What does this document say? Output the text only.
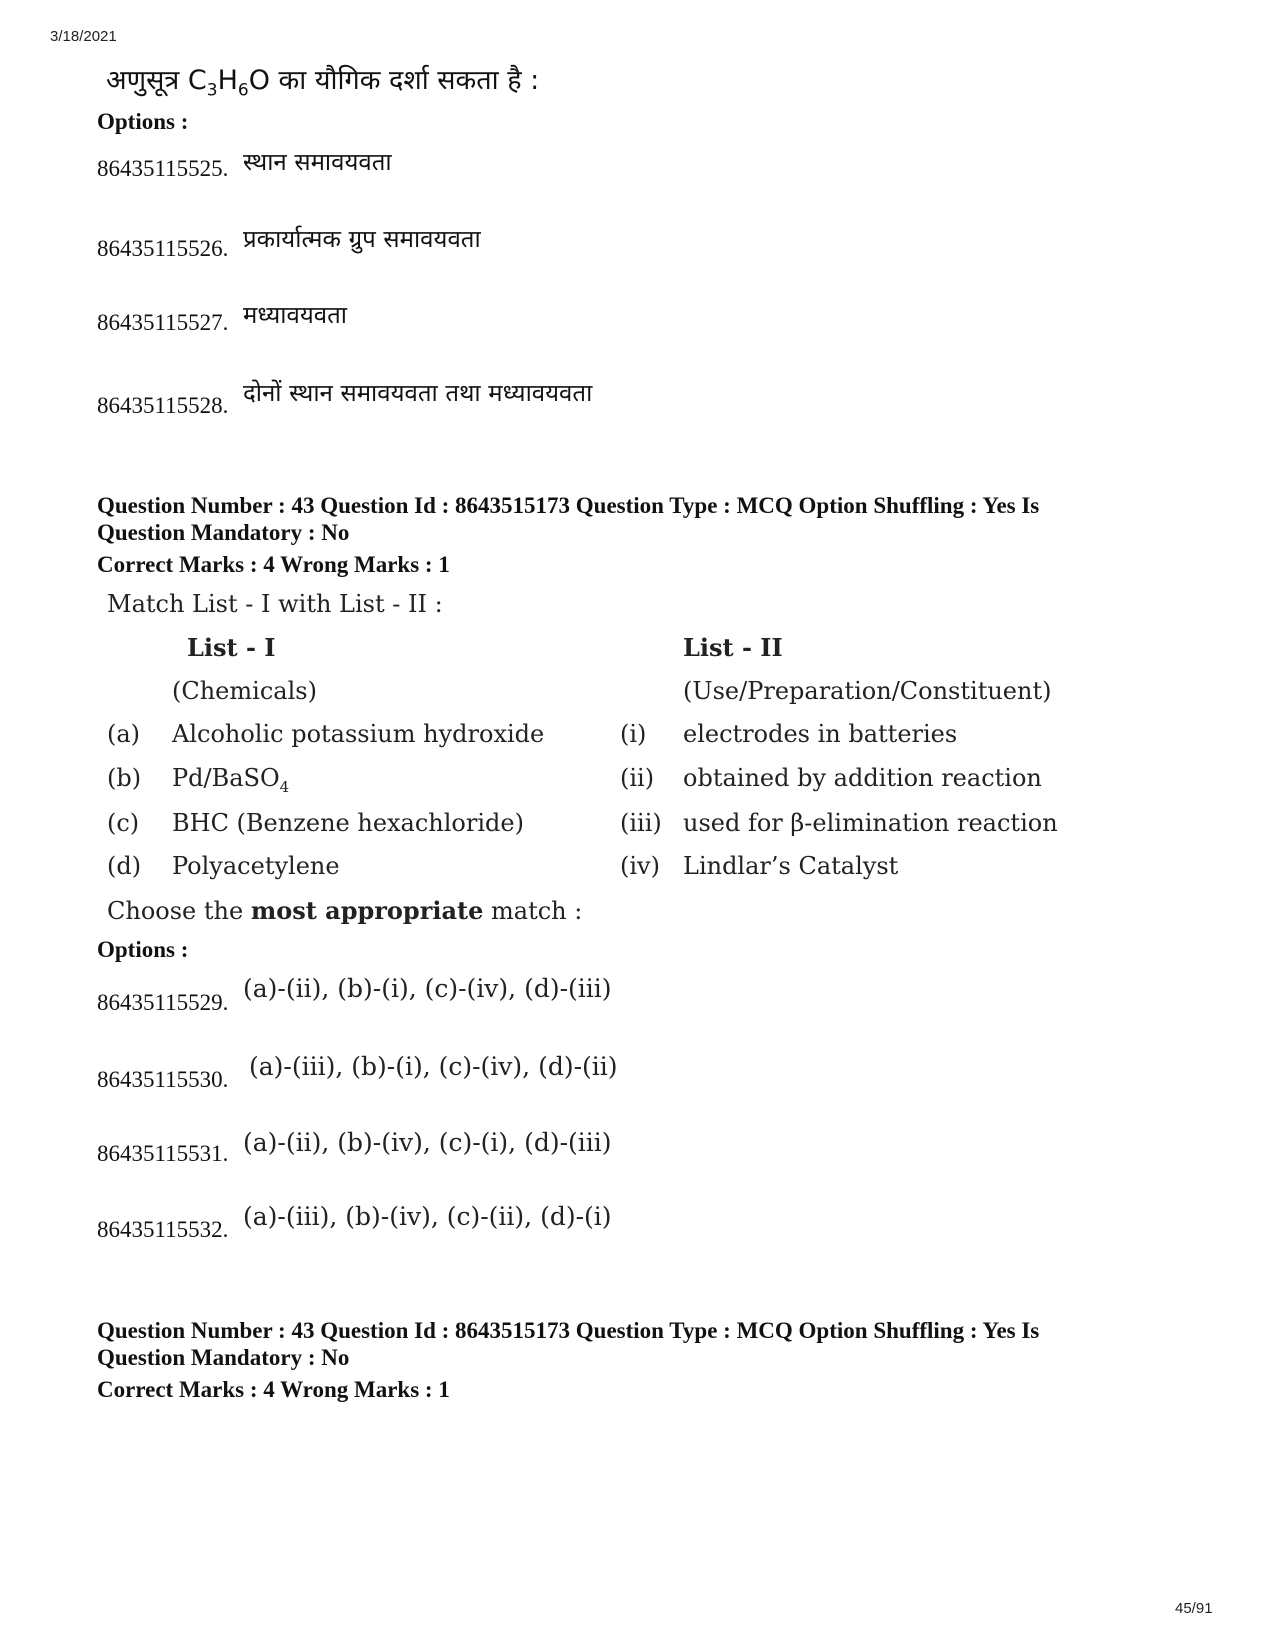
3/18/2021
45/91
अणुसूत्र $C_3H_6O$ का यौगिक दर्शा सकता है :
Options :
86435115525. स्थान समावयवता
86435115526. प्रकार्यात्मक ग्रुप समावयवता
86435115527. मध्यावयवता
86435115528. दोनों स्थान समावयवता तथा मध्यावयवता
Question Number : 43 Question Id : 8643515173 Question Type : MCQ Option Shuffling : Yes Is
Question Mandatory : No
Correct Marks : 4 Wrong Marks : 1
Match List - I with List - II :
List - I	List - II
(Chemicals)	(Use/Preparation/Constituent)
(a) Alcoholic potassium hydroxide	(i) electrodes in batteries
(b) Pd/BaSO$_4$	(ii) obtained by addition reaction
(c) BHC (Benzene hexachloride)	(iii) used for β-elimination reaction
(d) Polyacetylene	(iv) Lindlar’s Catalyst
Choose the most appropriate match :
Options :
86435115529. (a)-(ii), (b)-(i), (c)-(iv), (d)-(iii)
86435115530. (a)-(iii), (b)-(i), (c)-(iv), (d)-(ii)
86435115531. (a)-(ii), (b)-(iv), (c)-(i), (d)-(iii)
86435115532. (a)-(iii), (b)-(iv), (c)-(ii), (d)-(i)
Question Number : 43 Question Id : 8643515173 Question Type : MCQ Option Shuffling : Yes Is
Question Mandatory : No
Correct Marks : 4 Wrong Marks : 1
